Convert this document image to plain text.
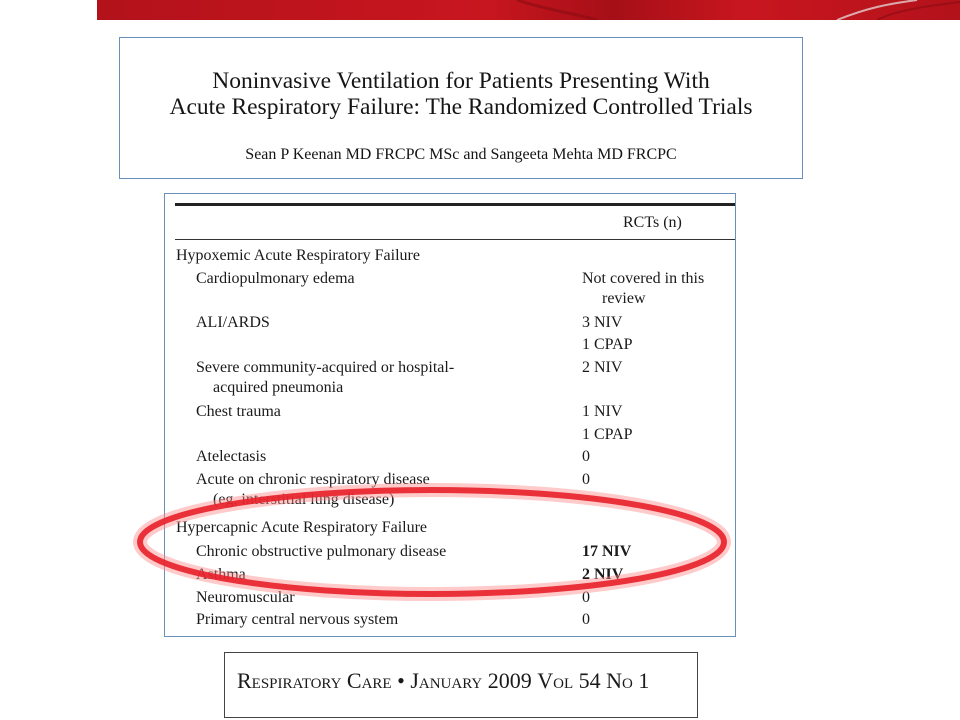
Noninvasive Ventilation for Patients Presenting With
Acute Respiratory Failure: The Randomized Controlled Trials
Sean P Keenan MD FRCPC MSc and Sangeeta Mehta MD FRCPC
RCTs (n)
Hypoxemic Acute Respiratory Failure
Cardiopulmonary edema	Not covered in this
review
ALI/ARDS	3 NIV
1 CPAP
Severe community-acquired or hospital-	2 NIV
acquired pneumonia
Chest trauma	1 NIV
1 CPAP
Atelectasis	0
Acute on chronic respiratory disease	0
(eg, interstitial lung disease)
Hypercapnic Acute Respiratory Failure
Chronic obstructive pulmonary disease	17 NIV
Asthma	2 NIV
Neuromuscular	0
Primary central nervous system	0
Respiratory Care • January 2009 Vol 54 No 1
